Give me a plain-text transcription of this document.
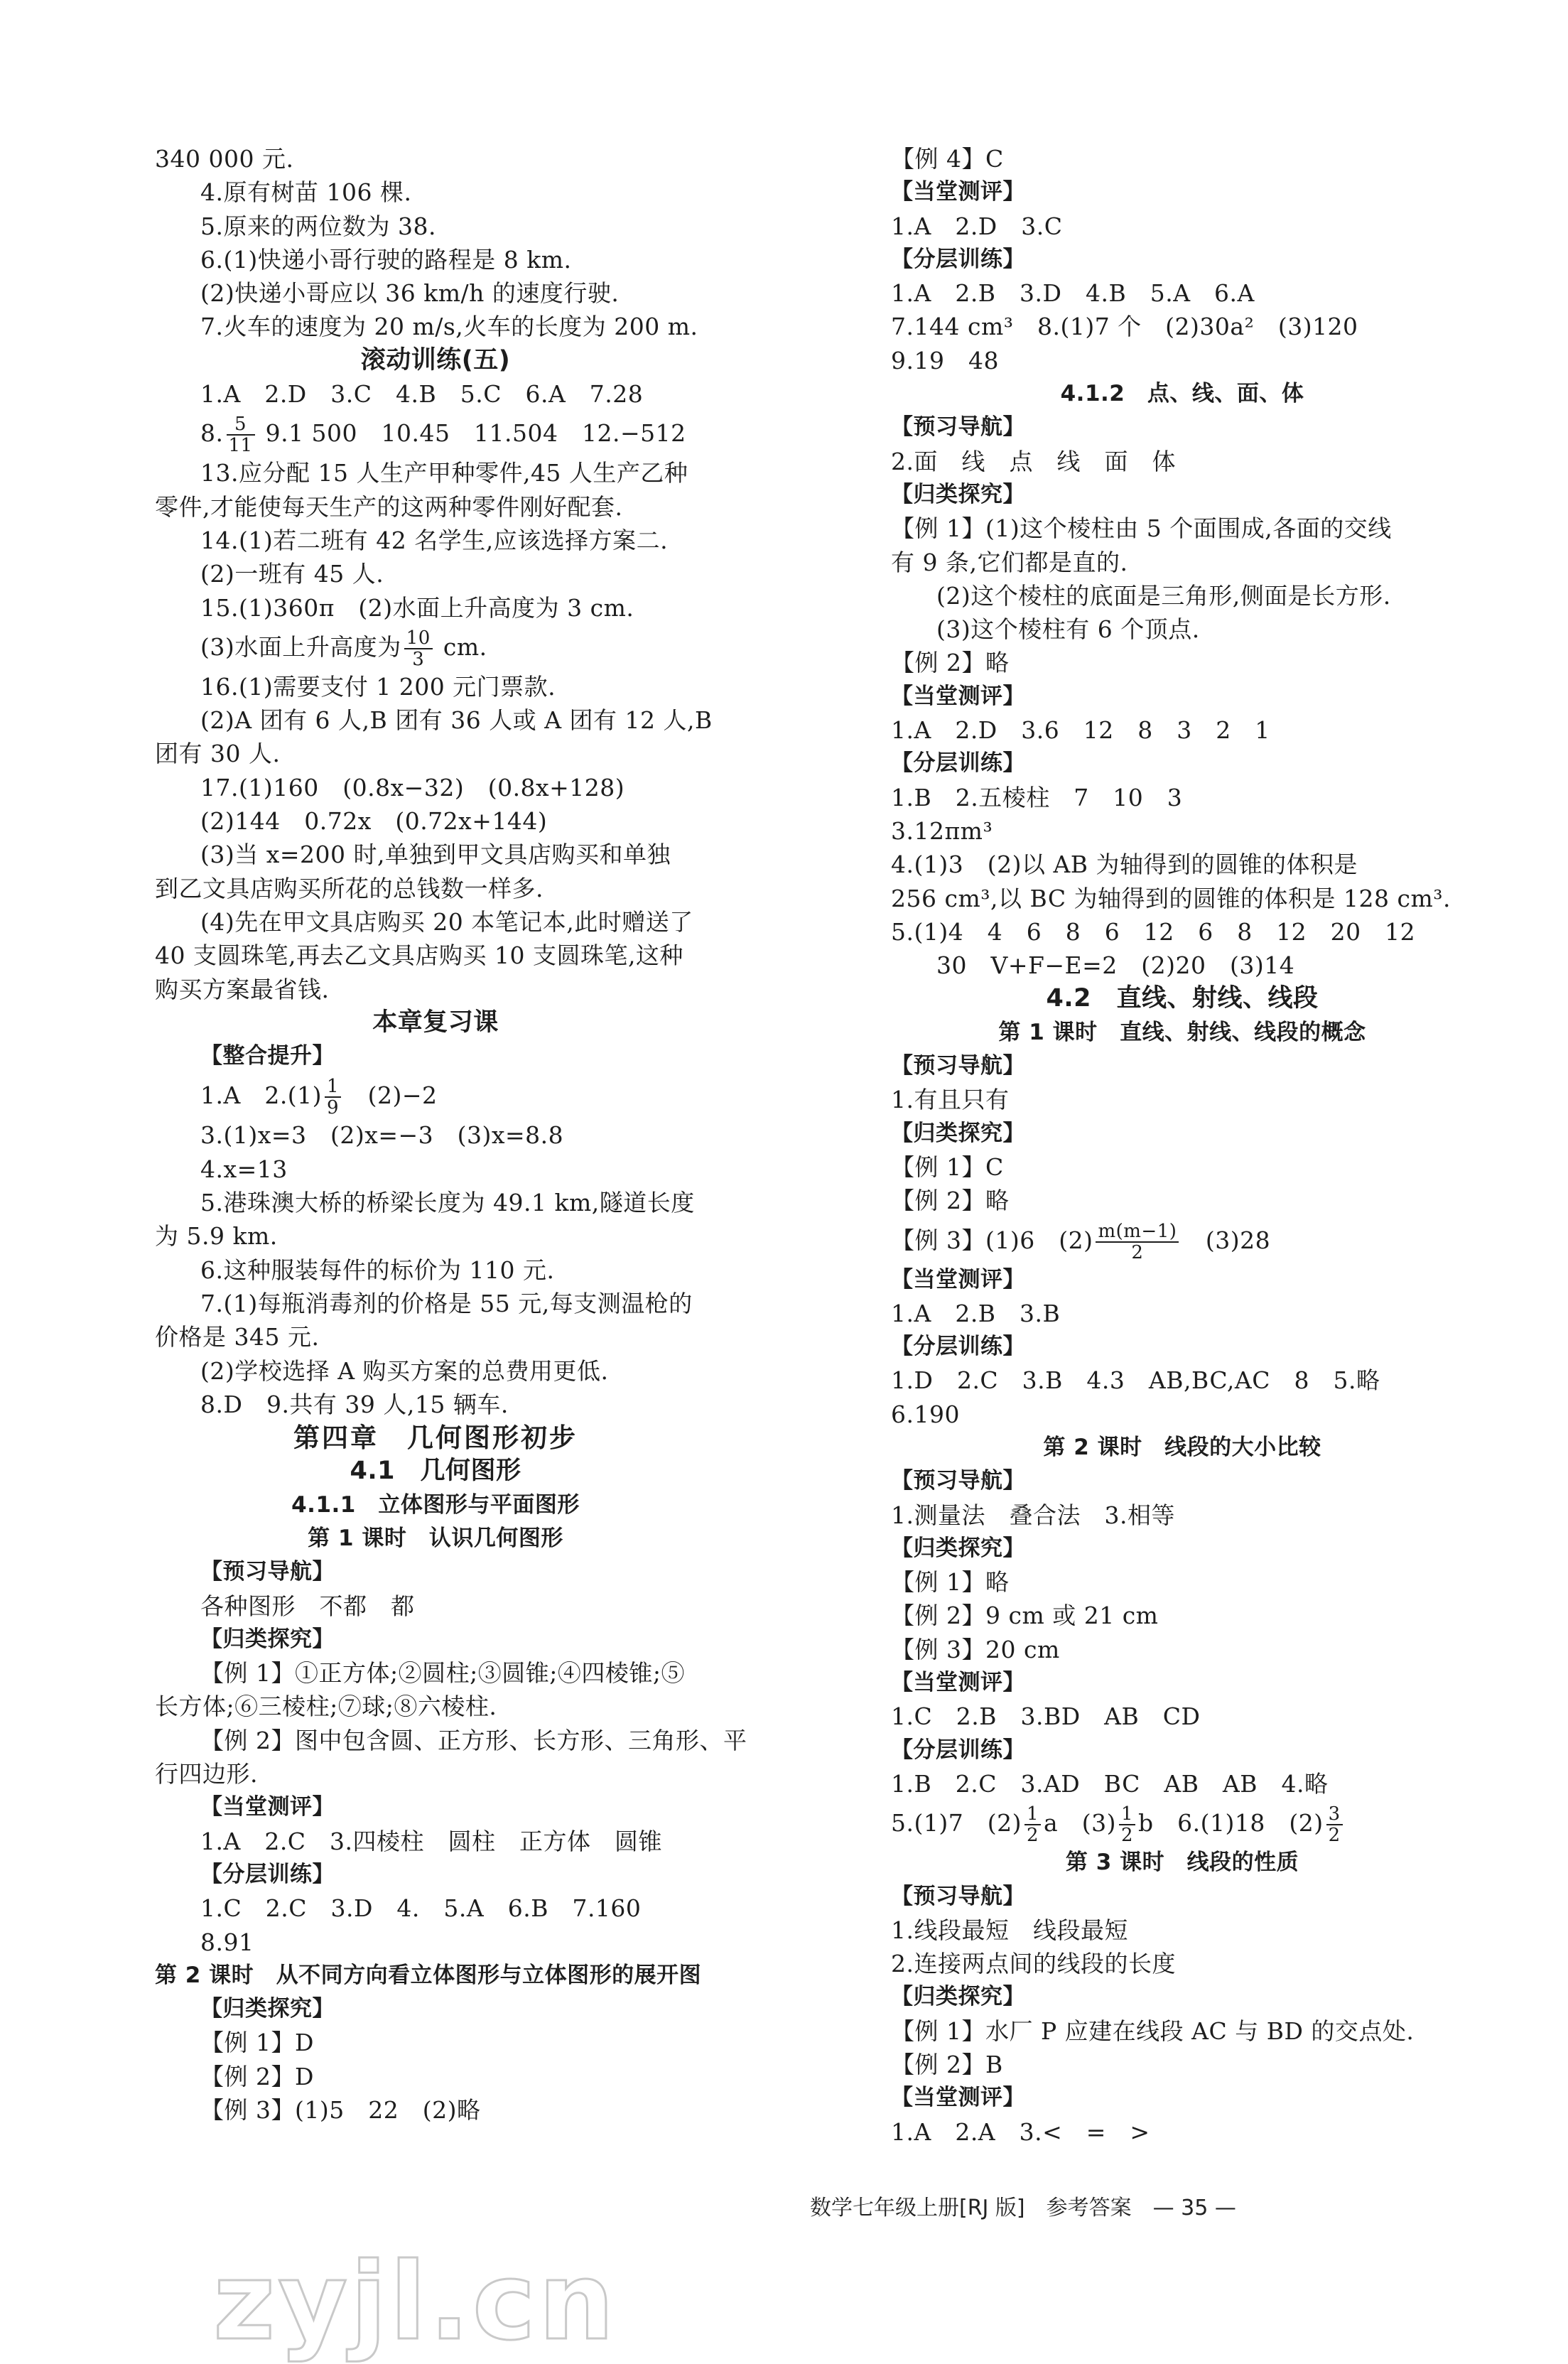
340 000 元.
4.原有树苗 106 棵.
5.原来的两位数为 38.
6.(1)快递小哥行驶的路程是 8 km.
(2)快递小哥应以 36 km/h 的速度行驶.
7.火车的速度为 20 m/s,火车的长度为 200 m.
滚动训练(五)
1.A　2.D　3.C　4.B　5.C　6.A　7.28
8. $\frac{5}{11} 9.1$ 500　10.45　11.504　12.−512
13.应分配 15 人生产甲种零件,45 人生产乙种
零件,才能使每天生产的这两种零件刚好配套.
14.(1)若二班有 42 名学生,应该选择方案二.
(2)一班有 45 人.
15.(1)360π　(2)水面上升高度为 3 cm.
(3)水面上升高度为 $\frac{10}{3}$ cm.
16.(1)需要支付 1 200 元门票款.
(2)A 团有 6 人,B 团有 36 人或 A 团有 12 人,B
团有 30 人.
17.(1)160　(0.8x−32)　(0.8x+128)
(2)144　0.72x　(0.72x+144)
(3)当 x=200 时,单独到甲文具店购买和单独
到乙文具店购买所花的总钱数一样多.
(4)先在甲文具店购买 20 本笔记本,此时赠送了
40 支圆珠笔,再去乙文具店购买 10 支圆珠笔,这种
购买方案最省钱.
本章复习课
【整合提升】
1.A　$2.(1) \frac{1}{9}$ 　(2)−2
3.(1)x=3　(2)x=−3　(3)x=8.8
4.x=13
5.港珠澳大桥的桥梁长度为 49.1 km,隧道长度
为 5.9 km.
6.这种服装每件的标价为 110 元.
7.(1)每瓶消毒剂的价格是 55 元,每支测温枪的
价格是 345 元.
(2)学校选择 A 购买方案的总费用更低.
8.D　9.共有 39 人,15 辆车.
第四章　几何图形初步
4.1　几何图形
4.1.1　立体图形与平面图形
第 1 课时　认识几何图形
【预习导航】
各种图形　不都　都
【归类探究】
【例 1】①正方体;②圆柱;③圆锥;④四棱锥;⑤
长方体;⑥三棱柱;⑦球;⑧六棱柱.
【例 2】图中包含圆、正方形、长方形、三角形、平
行四边形.
【当堂测评】
1.A　2.C　3.四棱柱　圆柱　正方体　圆锥
【分层训练】
1.C　2.C　3.D　4.　5.A　6.B　7.160
8.91
第 2 课时　从不同方向看立体图形与立体图形的展开图
【归类探究】
【例 1】D
【例 2】D
【例 3】(1)5　22　(2)略
【例 4】C
【当堂测评】
1.A　2.D　3.C
【分层训练】
1.A　2.B　3.D　4.B　5.A　6.A
7.144 cm³　8.(1)7 个　(2)30a²　(3)120
9.19　48
4.1.2　点、线、面、体
【预习导航】
2.面　线　点　线　面　体
【归类探究】
【例 1】(1)这个棱柱由 5 个面围成,各面的交线
有 9 条,它们都是直的.
(2)这个棱柱的底面是三角形,侧面是长方形.
(3)这个棱柱有 6 个顶点.
【例 2】略
【当堂测评】
1.A　2.D　3.6　12　8　3　2　1
【分层训练】
1.B　2.五棱柱　7　10　3
3.12πm³
4.(1)3　(2)以 AB 为轴得到的圆锥的体积是
256 cm³,以 BC 为轴得到的圆锥的体积是 128 cm³.
5.(1)4　4　6　8　6　12　6　8　12　20　12
30　V+F−E=2　(2)20　(3)14
4.2　直线、射线、线段
第 1 课时　直线、射线、线段的概念
【预习导航】
1.有且只有
【归类探究】
【例 1】C
【例 2】略
【例 3】(1)6　$(2) \frac{m(m-1)}{2}$ 　(3)28
【当堂测评】
1.A　2.B　3.B
【分层训练】
1.D　2.C　3.B　4.3　AB,BC,AC　8　5.略
6.190
第 2 课时　线段的大小比较
【预习导航】
1.测量法　叠合法　3.相等
【归类探究】
【例 1】略
【例 2】9 cm 或 21 cm
【例 3】20 cm
【当堂测评】
1.C　2.B　3.BD　AB　CD
【分层训练】
1.B　2.C　3.AD　BC　AB　AB　4.略
5.(1)7　$(2) \frac{1}{2}$ a　$(3) \frac{1}{2}$ b　6.(1)18　$(2) \frac{3}{2}$
第 3 课时　线段的性质
【预习导航】
1.线段最短　线段最短
2.连接两点间的线段的长度
【归类探究】
【例 1】水厂 P 应建在线段 AC 与 BD 的交点处.
【例 2】B
【当堂测评】
1.A　2.A　3.<　=　>
数学七年级上册[RJ 版]　参考答案　— 35 —
zyjl.cn
